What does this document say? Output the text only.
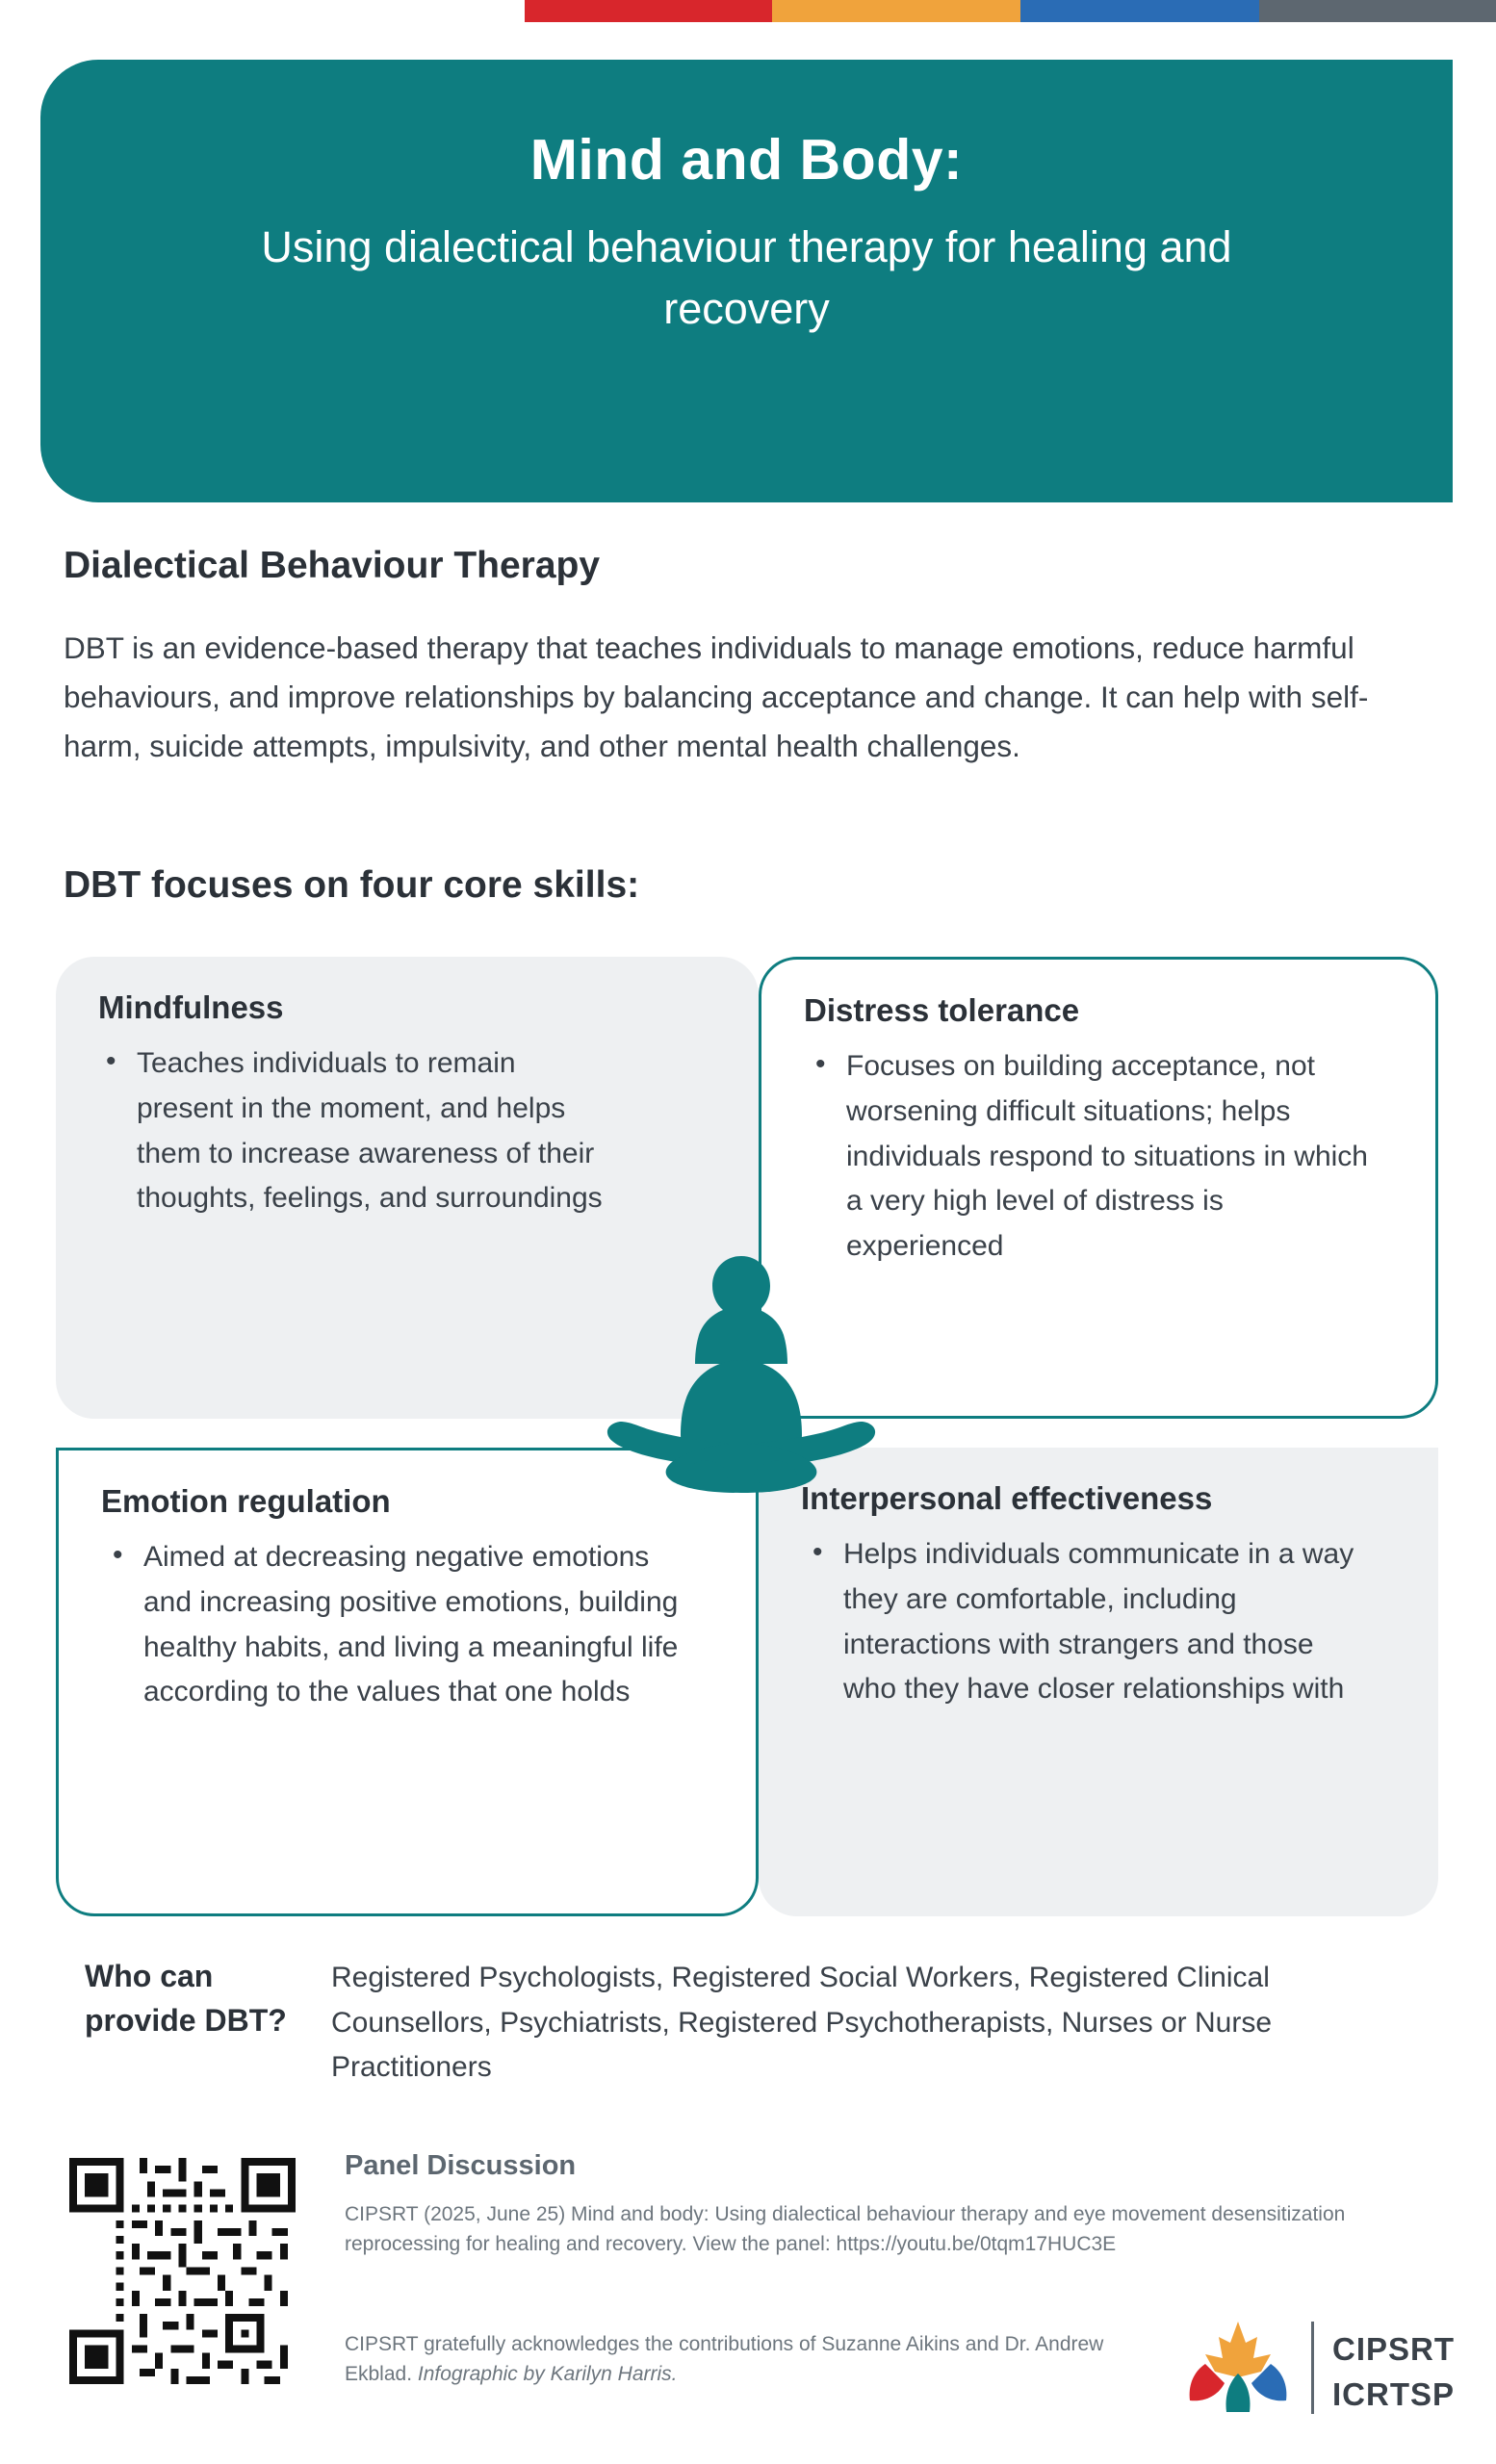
Mind and Body:
Using dialectical behaviour therapy for healing and recovery
Dialectical Behaviour Therapy
DBT is an evidence-based therapy that teaches individuals to manage emotions, reduce harmful behaviours, and improve relationships by balancing acceptance and change. It can help with self-harm, suicide attempts, impulsivity, and other mental health challenges.
DBT focuses on four core skills:
Mindfulness
• Teaches individuals to remain present in the moment, and helps them to increase awareness of their thoughts, feelings, and surroundings
Distress tolerance
• Focuses on building acceptance, not worsening difficult situations; helps individuals respond to situations in which a very high level of distress is experienced
Emotion regulation
• Aimed at decreasing negative emotions and increasing positive emotions, building healthy habits, and living a meaningful life according to the values that one holds
Interpersonal effectiveness
• Helps individuals communicate in a way they are comfortable, including interactions with strangers and those who they have closer relationships with
Who can provide DBT?
Registered Psychologists, Registered Social Workers, Registered Clinical Counsellors, Psychiatrists, Registered Psychotherapists, Nurses or Nurse Practitioners
Panel Discussion
CIPSRT (2025, June 25) Mind and body: Using dialectical behaviour therapy and eye movement desensitization reprocessing for healing and recovery. View the panel: https://youtu.be/0tqm17HUC3E
CIPSRT gratefully acknowledges the contributions of Suzanne Aikins and Dr. Andrew Ekblad. Infographic by Karilyn Harris.
CIPSRT
ICRTSP
